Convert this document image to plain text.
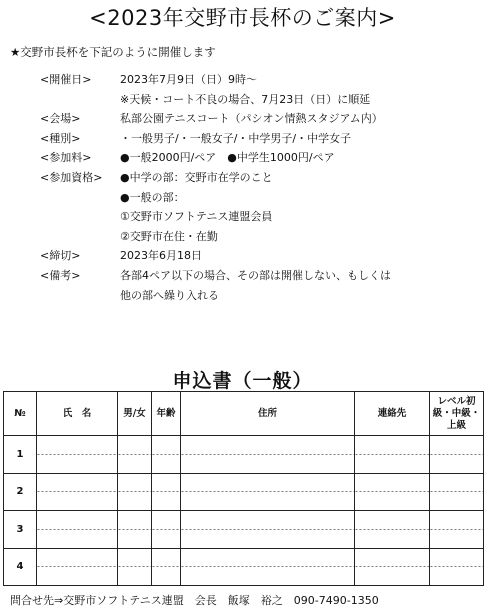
<2023年交野市長杯のご案内>
★交野市長杯を下記のように開催します
<開催日>	2023年7月9日（日）9時～
※天候・コート不良の場合、7月23日（日）に順延
<会場>	私部公園テニスコート（パシオン情熱スタジアム内）
<種別>	・一般男子/・一般女子/・中学男子/・中学女子
<参加料>	●一般2000円/ペア　●中学生1000円/ペア
<参加資格>	●中学の部：交野市在学のこと
●一般の部：
①交野市ソフトテニス連盟会員
②交野市在住・在勤
<締切>	2023年6月18日
<備考>	各部4ペア以下の場合、その部は開催しない、もしくは
他の部へ繰り入れる
申込書（一般）
№	氏　名	男/女	年齢	住所	連絡先	レベル初級・中級・上級
1						
2						
3						
4						
問合せ先⇒交野市ソフトテニス連盟　会長　飯塚　裕之　090-7490-1350
